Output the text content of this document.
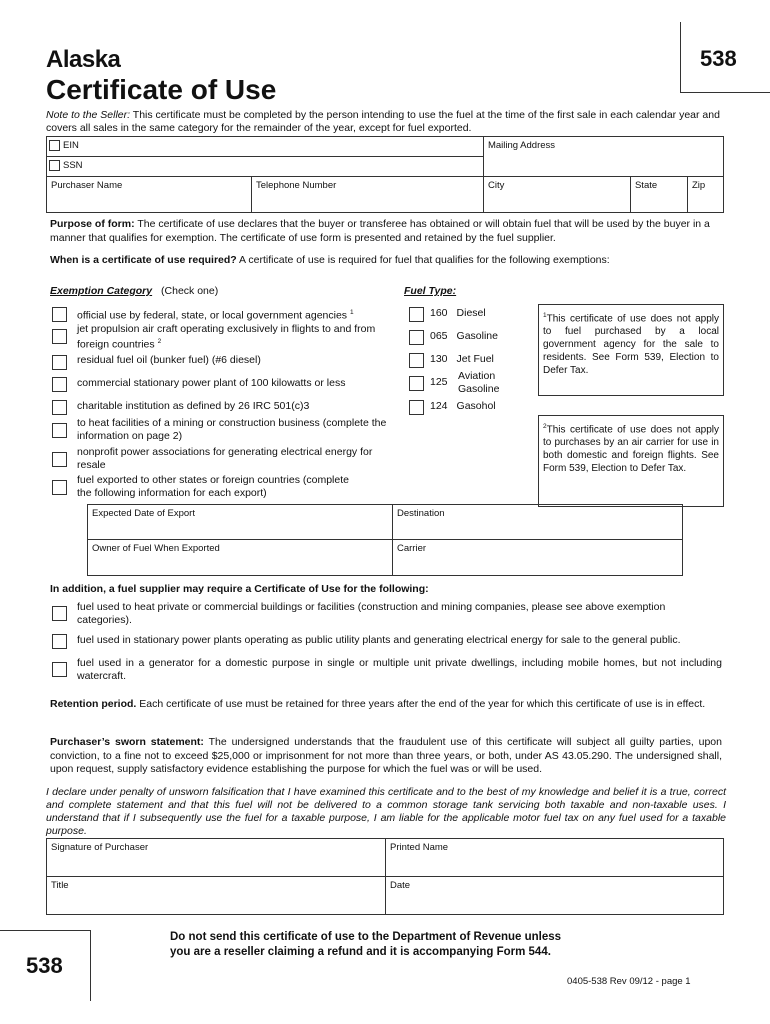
538
Alaska
Certificate of Use
Note to the Seller: This certificate must be completed by the person intending to use the fuel at the time of the first sale in each calendar year and covers all sales in the same category for the remainder of the year, except for fuel exported.
EIN
SSN		Mailing Address		
Purchaser Name	Telephone Number	City	State	Zip
Purpose of form: The certificate of use declares that the buyer or transferee has obtained or will obtain fuel that will be used by the buyer in a manner that qualifies for exemption. The certificate of use form is presented and retained by the fuel supplier.
When is a certificate of use required? A certificate of use is required for fuel that qualifies for the following exemptions:
Exemption Category (Check one)	Fuel Type:
official use by federal, state, or local government agencies $^1$
jet propulsion air craft operating exclusively in flights to and from foreign countries $^2$
residual fuel oil (bunker fuel) (#6 diesel)
commercial stationary power plant of 100 kilowatts or less
charitable institution as defined by 26 IRC 501(c)3
to heat facilities of a mining or construction business (complete the information on page 2)
nonprofit power associations for generating electrical energy for resale
fuel exported to other states or foreign countries (complete the following information for each export)
160 Diesel
065 Gasoline
130 Jet Fuel
125 Aviation Gasoline
124 Gasohol
$^1$This certificate of use does not apply to fuel purchased by a local government agency for the sale to residents. See Form 539, Election to Defer Tax.
$^2$This certificate of use does not apply to purchases by an air carrier for use in both domestic and foreign flights. See Form 539, Election to Defer Tax.
Expected Date of Export	Destination
Owner of Fuel When Exported	Carrier
In addition, a fuel supplier may require a Certificate of Use for the following:
fuel used to heat private or commercial buildings or facilities (construction and mining companies, please see above exemption categories).
fuel used in stationary power plants operating as public utility plants and generating electrical energy for sale to the general public.
fuel used in a generator for a domestic purpose in single or multiple unit private dwellings, including mobile homes, but not including watercraft.
Retention period. Each certificate of use must be retained for three years after the end of the year for which this certificate of use is in effect.
Purchaser’s sworn statement: The undersigned understands that the fraudulent use of this certificate will subject all guilty parties, upon conviction, to a fine not to exceed $25,000 or imprisonment for not more than three years, or both, under AS 43.05.290. The undersigned shall, upon request, supply satisfactory evidence establishing the purpose for which the fuel was or will be used.
I declare under penalty of unsworn falsification that I have examined this certificate and to the best of my knowledge and belief it is a true, correct and complete statement and that this fuel will not be delivered to a common storage tank servicing both taxable and non-taxable uses. I understand that if I subsequently use the fuel for a taxable purpose, I am liable for the applicable motor fuel tax on any fuel used for a taxable purpose.
Signature of Purchaser	Printed Name
Title	Date
Do not send this certificate of use to the Department of Revenue unless
you are a reseller claiming a refund and it is accompanying Form 544.
538
0405-538 Rev 09/12 - page 1
